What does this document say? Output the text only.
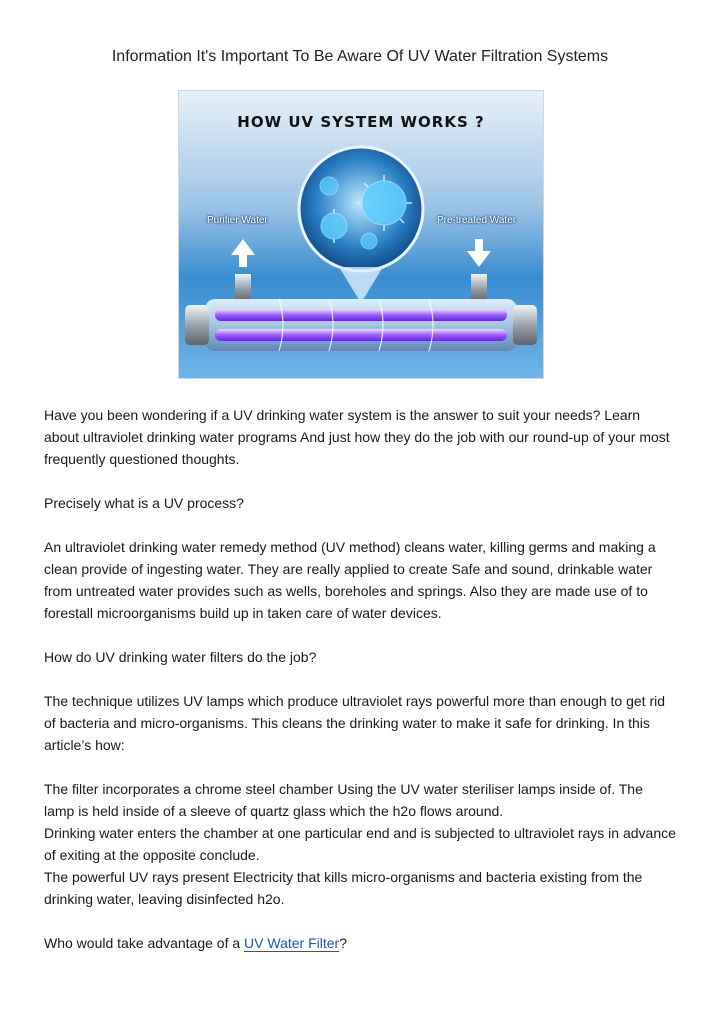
Information It's Important To Be Aware Of UV Water Filtration Systems
HOW UV SYSTEM WORKS ?
Purifier Water	Pre-treated Water

Have you been wondering if a UV drinking water system is the answer to suit your needs? Learn about ultraviolet drinking water programs And just how they do the job with our round-up of your most frequently questioned thoughts.

Precisely what is a UV process?

An ultraviolet drinking water remedy method (UV method) cleans water, killing germs and making a clean provide of ingesting water. They are really applied to create Safe and sound, drinkable water from untreated water provides such as wells, boreholes and springs. Also they are made use of to forestall microorganisms build up in taken care of water devices.

How do UV drinking water filters do the job?

The technique utilizes UV lamps which produce ultraviolet rays powerful more than enough to get rid of bacteria and micro-organisms. This cleans the drinking water to make it safe for drinking. In this article’s how:

The filter incorporates a chrome steel chamber Using the UV water steriliser lamps inside of. The lamp is held inside of a sleeve of quartz glass which the h2o flows around.

Drinking water enters the chamber at one particular end and is subjected to ultraviolet rays in advance of exiting at the opposite conclude.

The powerful UV rays present Electricity that kills micro-organisms and bacteria existing from the drinking water, leaving disinfected h2o.

Who would take advantage of a UV Water Filter?
